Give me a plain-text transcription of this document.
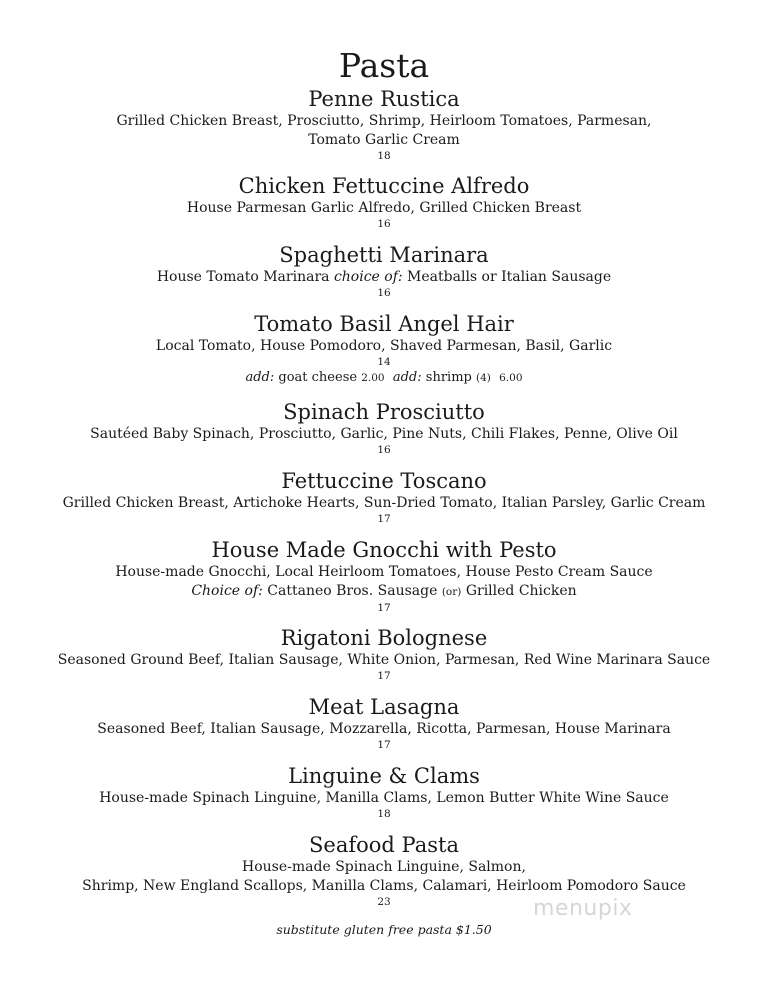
Pasta
Penne Rustica
Grilled Chicken Breast, Prosciutto, Shrimp, Heirloom Tomatoes, Parmesan,
Tomato Garlic Cream
18
Chicken Fettuccine Alfredo
House Parmesan Garlic Alfredo, Grilled Chicken Breast
16
Spaghetti Marinara
House Tomato Marinara choice of: Meatballs or Italian Sausage
16
Tomato Basil Angel Hair
Local Tomato, House Pomodoro, Shaved Parmesan, Basil, Garlic
14
add: goat cheese 2.00 add: shrimp (4) 6.00
Spinach Prosciutto
Sautéed Baby Spinach, Prosciutto, Garlic, Pine Nuts, Chili Flakes, Penne, Olive Oil
16
Fettuccine Toscano
Grilled Chicken Breast, Artichoke Hearts, Sun-Dried Tomato, Italian Parsley, Garlic Cream
17
House Made Gnocchi with Pesto
House-made Gnocchi, Local Heirloom Tomatoes, House Pesto Cream Sauce
Choice of: Cattaneo Bros. Sausage (or) Grilled Chicken
17
Rigatoni Bolognese
Seasoned Ground Beef, Italian Sausage, White Onion, Parmesan, Red Wine Marinara Sauce
17
Meat Lasagna
Seasoned Beef, Italian Sausage, Mozzarella, Ricotta, Parmesan, House Marinara
17
Linguine & Clams
House-made Spinach Linguine, Manilla Clams, Lemon Butter White Wine Sauce
18
Seafood Pasta
House-made Spinach Linguine, Salmon,
Shrimp, New England Scallops, Manilla Clams, Calamari, Heirloom Pomodoro Sauce
23
substitute gluten free pasta $1.50
menupix
